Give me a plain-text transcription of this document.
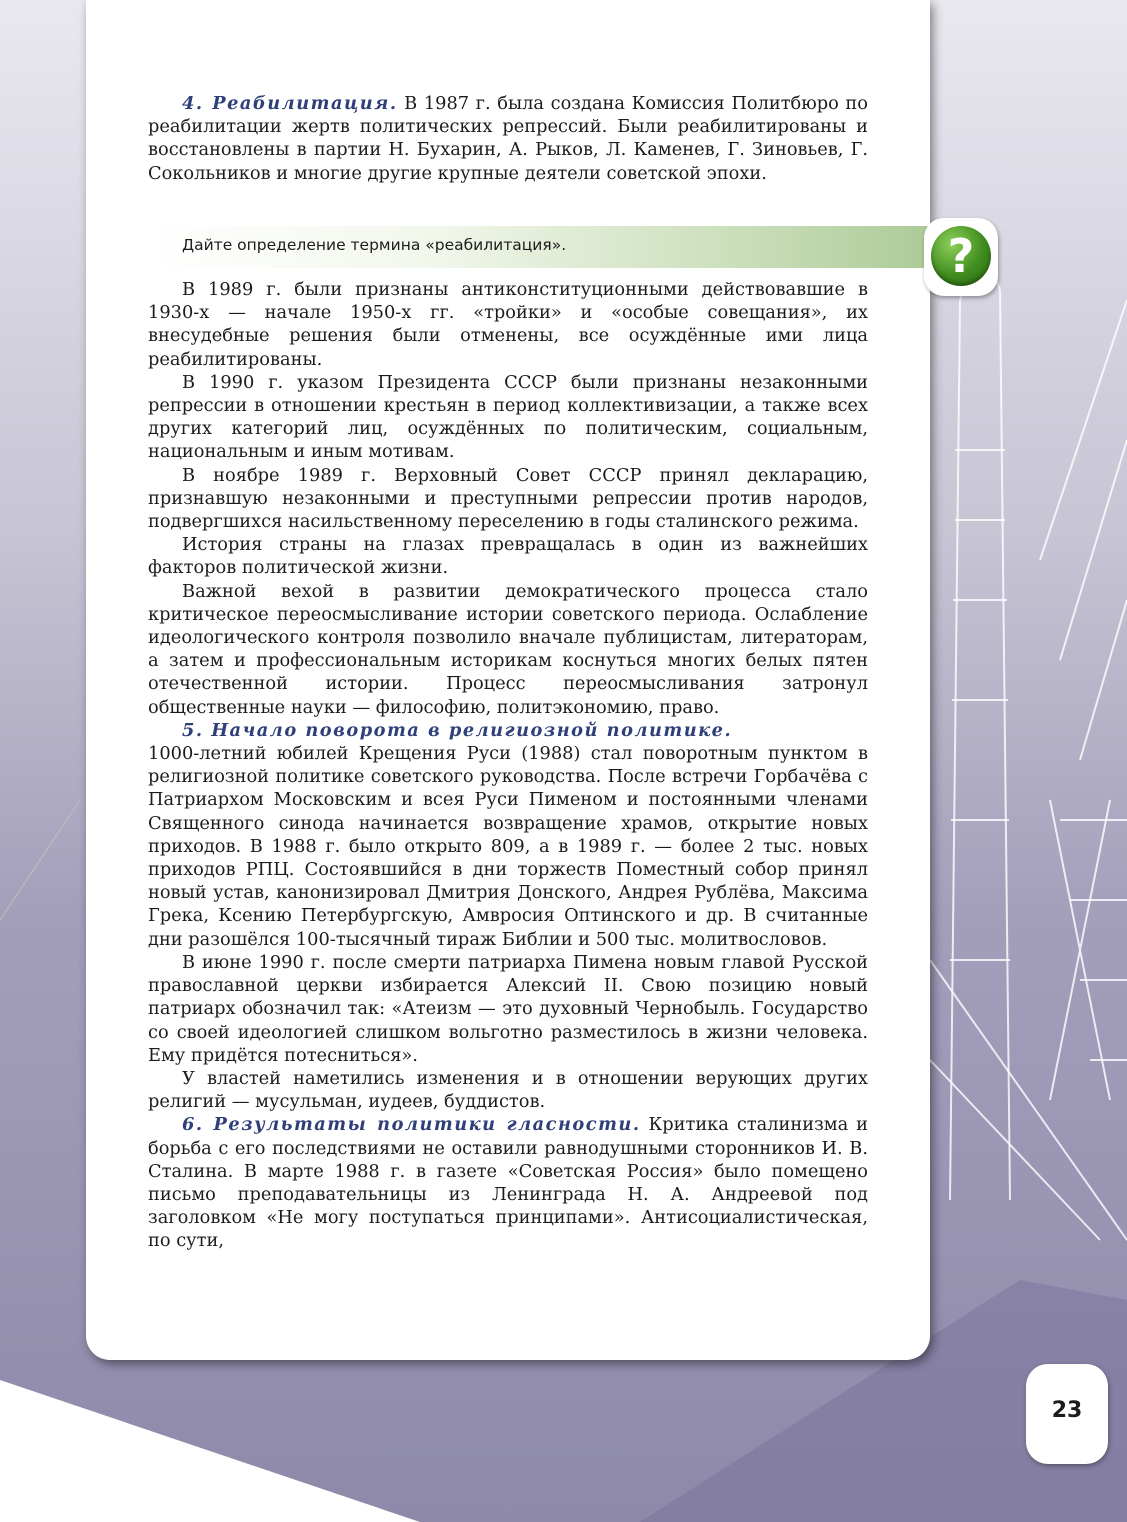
4. Реабилитация. В 1987 г. была создана Комиссия Политбюро по реабилитации жертв политических репрессий. Были реабилитированы и восстановлены в партии Н. Бухарин, А. Рыков, Л. Каменев, Г. Зиновьев, Г. Сокольников и многие другие крупные деятели советской эпохи.

Дайте определение термина «реабилитация».	?

В 1989 г. были признаны антиконституционными действовавшие в 1930-х — начале 1950-х гг. «тройки» и «особые совещания», их внесудебные решения были отменены, все осуждённые ими лица реабилитированы.

В 1990 г. указом Президента СССР были признаны незаконными репрессии в отношении крестьян в период коллективизации, а также всех других категорий лиц, осуждённых по политическим, социальным, национальным и иным мотивам.

В ноябре 1989 г. Верховный Совет СССР принял декларацию, признавшую незаконными и преступными репрессии против народов, подвергшихся насильственному переселению в годы сталинского режима.

История страны на глазах превращалась в один из важнейших факторов политической жизни.

Важной вехой в развитии демократического процесса стало критическое переосмысливание истории советского периода. Ослабление идеологического контроля позволило вначале публицистам, литераторам, а затем и профессиональным историкам коснуться многих белых пятен отечественной истории. Процесс переосмысливания затронул общественные науки — философию, политэкономию, право.

5. Начало поворота в религиозной политике.

1000-летний юбилей Крещения Руси (1988) стал поворотным пунктом в религиозной политике советского руководства. После встречи Горбачёва с Патриархом Московским и всея Руси Пименом и постоянными членами Священного синода начинается возвращение храмов, открытие новых приходов. В 1988 г. было открыто 809, а в 1989 г. — более 2 тыс. новых приходов РПЦ. Состоявшийся в дни торжеств Поместный собор принял новый устав, канонизировал Дмитрия Донского, Андрея Рублёва, Максима Грека, Ксению Петербургскую, Амвросия Оптинского и др. В считанные дни разошёлся 100-тысячный тираж Библии и 500 тыс. молитвословов.

В июне 1990 г. после смерти патриарха Пимена новым главой Русской православной церкви избирается Алексий II. Свою позицию новый патриарх обозначил так: «Атеизм — это духовный Чернобыль. Государство со своей идеологией слишком вольготно разместилось в жизни человека. Ему придётся потесниться».

У властей наметились изменения и в отношении верующих других религий — мусульман, иудеев, буддистов.

6. Результаты политики гласности. Критика сталинизма и борьба с его последствиями не оставили равнодушными сторонников И. В. Сталина. В марте 1988 г. в газете «Советская Россия» было помещено письмо преподавательницы из Ленинграда Н. А. Андреевой под заголовком «Не могу поступаться принципами». Антисоциалистическая, по сути,

23
